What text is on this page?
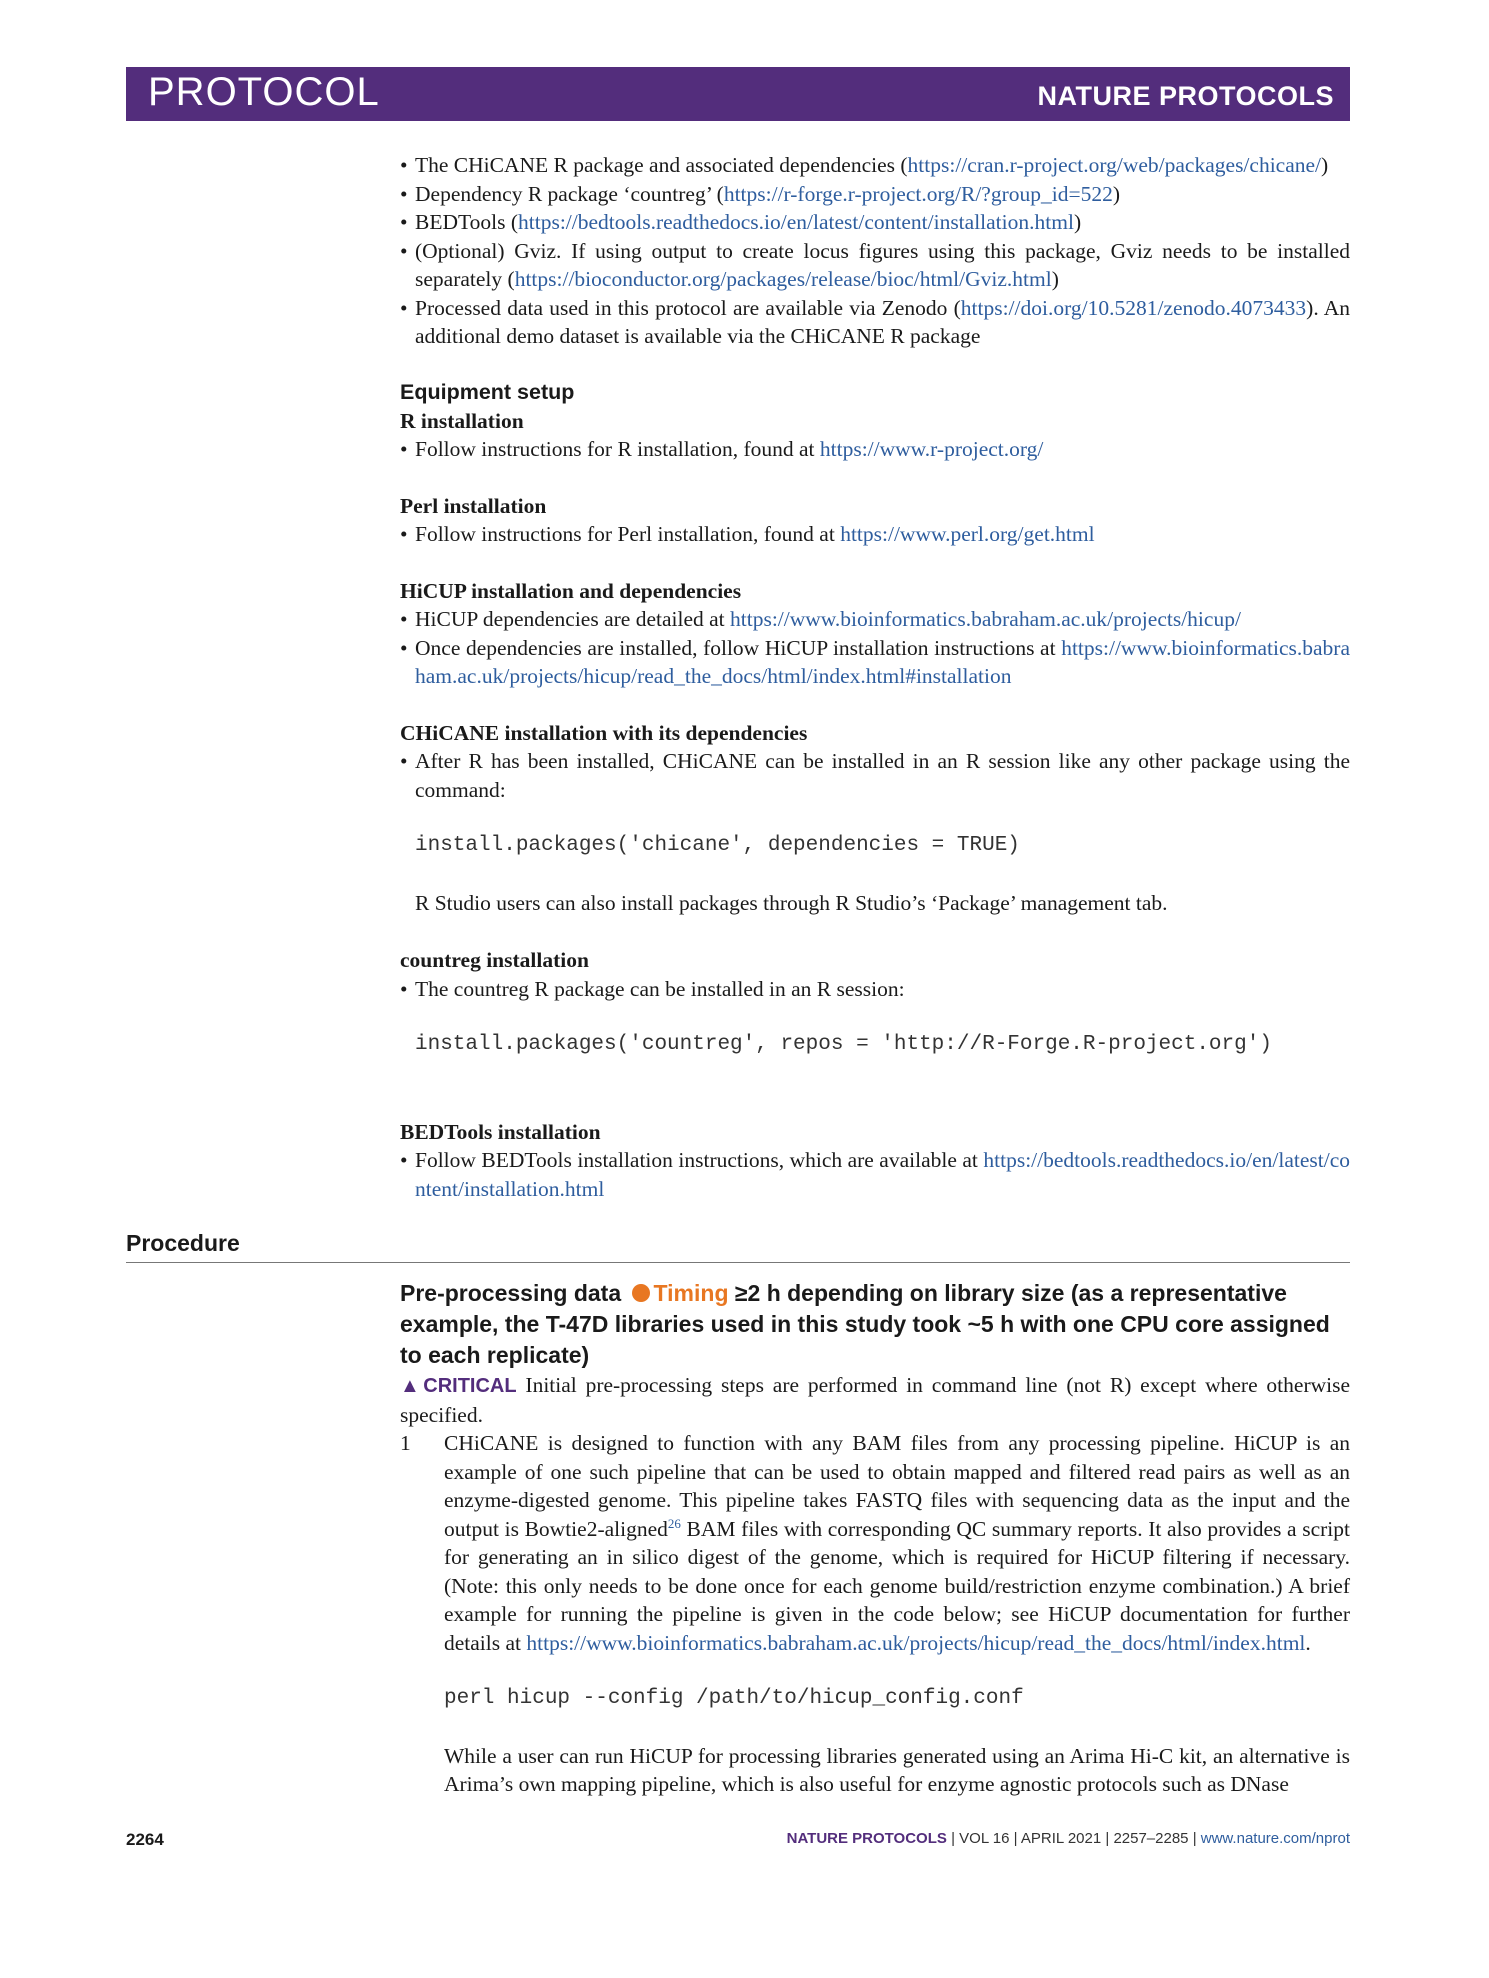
PROTOCOL	NATURE PROTOCOLS
• The CHiCANE R package and associated dependencies (https://cran.r-project.org/web/packages/chicane/)
• Dependency R package ‘countreg’ (https://r-forge.r-project.org/R/?group_id=522)
• BEDTools (https://bedtools.readthedocs.io/en/latest/content/installation.html)
• (Optional) Gviz. If using output to create locus figures using this package, Gviz needs to be installed separately (https://bioconductor.org/packages/release/bioc/html/Gviz.html)
• Processed data used in this protocol are available via Zenodo (https://doi.org/10.5281/zenodo.4073433). An additional demo dataset is available via the CHiCANE R package
Equipment setup
R installation
• Follow instructions for R installation, found at https://www.r-project.org/
Perl installation
• Follow instructions for Perl installation, found at https://www.perl.org/get.html
HiCUP installation and dependencies
• HiCUP dependencies are detailed at https://www.bioinformatics.babraham.ac.uk/projects/hicup/
• Once dependencies are installed, follow HiCUP installation instructions at https://www.bioinformatics.babraham.ac.uk/projects/hicup/read_the_docs/html/index.html#installation
CHiCANE installation with its dependencies
• After R has been installed, CHiCANE can be installed in an R session like any other package using the command:
install.packages('chicane', dependencies = TRUE)
R Studio users can also install packages through R Studio’s ‘Package’ management tab.
countreg installation
• The countreg R package can be installed in an R session:
install.packages('countreg', repos = 'http://R-Forge.R-project.org')
BEDTools installation
• Follow BEDTools installation instructions, which are available at https://bedtools.readthedocs.io/en/latest/content/installation.html
Procedure
Pre-processing data Timing ≥2 h depending on library size (as a representative example, the T-47D libraries used in this study took ~5 h with one CPU core assigned to each replicate)
▲CRITICAL Initial pre-processing steps are performed in command line (not R) except where otherwise specified.
1 CHiCANE is designed to function with any BAM files from any processing pipeline. HiCUP is an example of one such pipeline that can be used to obtain mapped and filtered read pairs as well as an enzyme-digested genome. This pipeline takes FASTQ files with sequencing data as the input and the output is Bowtie2-aligned$^{26}$ BAM files with corresponding QC summary reports. It also provides a script for generating an in silico digest of the genome, which is required for HiCUP filtering if necessary. (Note: this only needs to be done once for each genome build/restriction enzyme combination.) A brief example for running the pipeline is given in the code below; see HiCUP documentation for further details at https://www.bioinformatics.babraham.ac.uk/projects/hicup/read_the_docs/html/index.html.
perl hicup --config /path/to/hicup_config.conf
While a user can run HiCUP for processing libraries generated using an Arima Hi-C kit, an alternative is Arima’s own mapping pipeline, which is also useful for enzyme agnostic protocols such as DNase
2264	NATURE PROTOCOLS | VOL 16 | APRIL 2021 | 2257–2285 | www.nature.com/nprot
